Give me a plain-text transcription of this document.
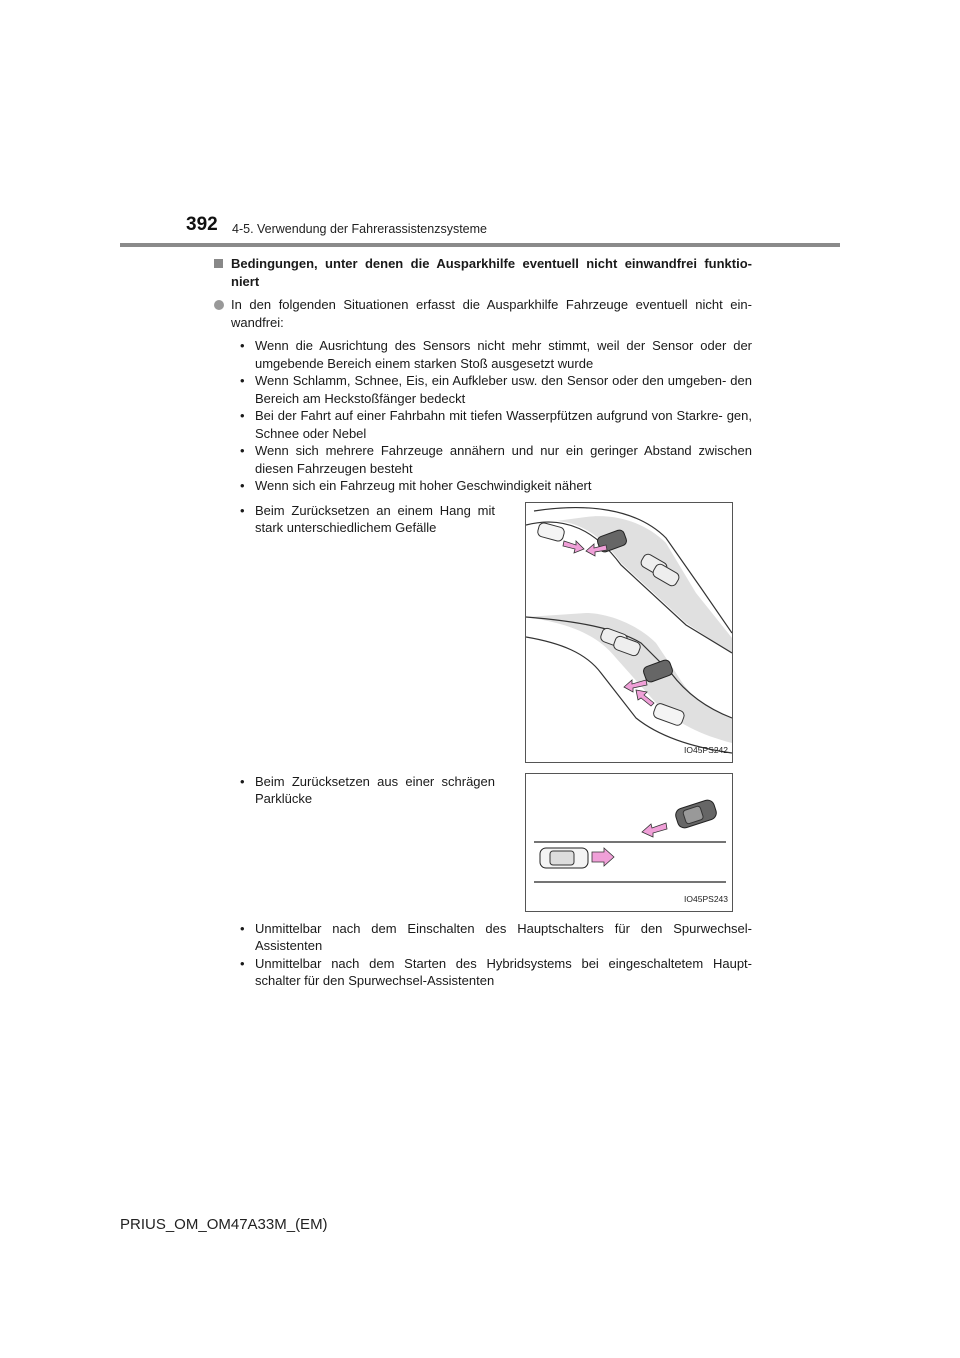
392 4-5. Verwendung der Fahrerassistenzsysteme
Bedingungen, unter denen die Ausparkhilfe eventuell nicht einwandfrei funktio- niert
In den folgenden Situationen erfasst die Ausparkhilfe Fahrzeuge eventuell nicht ein- wandfrei:
• Wenn die Ausrichtung des Sensors nicht mehr stimmt, weil der Sensor oder der umgebende Bereich einem starken Stoß ausgesetzt wurde
• Wenn Schlamm, Schnee, Eis, ein Aufkleber usw. den Sensor oder den umgeben- den Bereich am Heckstoßfänger bedeckt
• Bei der Fahrt auf einer Fahrbahn mit tiefen Wasserpfützen aufgrund von Starkre- gen, Schnee oder Nebel
• Wenn sich mehrere Fahrzeuge annähern und nur ein geringer Abstand zwischen diesen Fahrzeugen besteht
• Wenn sich ein Fahrzeug mit hoher Geschwindigkeit nähert
• Beim Zurücksetzen an einem Hang mit stark unterschiedlichem Gefälle
IO45PS242
• Beim Zurücksetzen aus einer schrägen Parklücke
IO45PS243
• Unmittelbar nach dem Einschalten des Hauptschalters für den Spurwechsel- Assistenten
• Unmittelbar nach dem Starten des Hybridsystems bei eingeschaltetem Haupt- schalter für den Spurwechsel-Assistenten
PRIUS_OM_OM47A33M_(EM)
